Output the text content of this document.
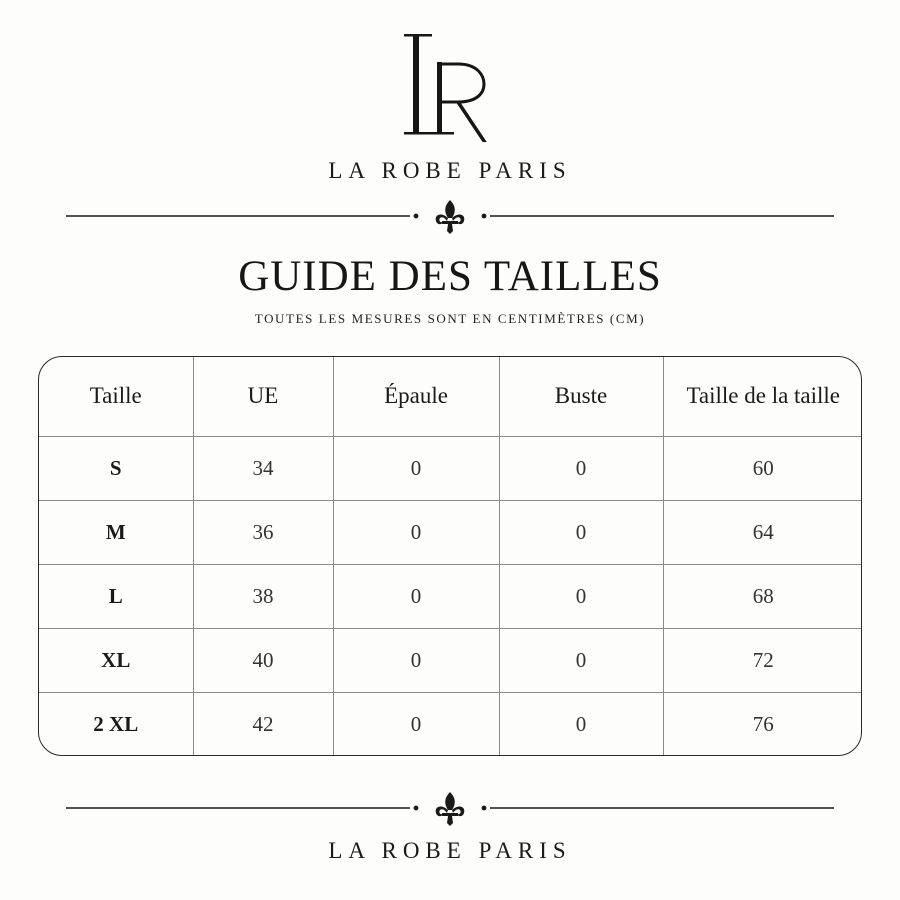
LA ROBE PARIS
GUIDE DES TAILLES
TOUTES LES MESURES SONT EN CENTIMÈTRES (CM)
Taille	UE	Épaule	Buste	Taille de la taille
S	34	0	0	60
M	36	0	0	64
L	38	0	0	68
XL	40	0	0	72
2 XL	42	0	0	76
LA ROBE PARIS
